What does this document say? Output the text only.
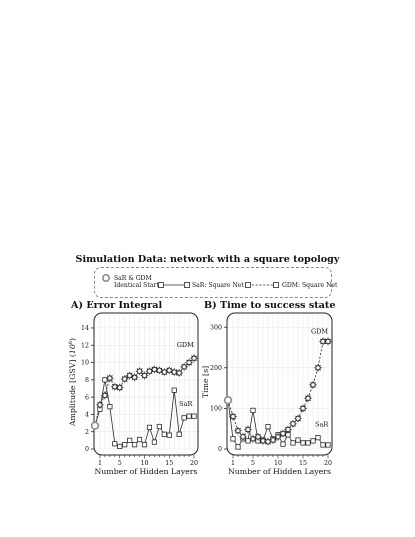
Simulation Data: network with a square topology
SaR & GDM
Identical Start	SaR: Square Net	GDM: Square Net
A) Error Integral	B) Time to success state
0
2
4
6
8
10
12
14
1	5	10	15	20
Number of Hidden Layers
Amplitude [GSV] $(10^6)$
GDM
SaR
0
100
200
300
1	5	10	15	20
Number of Hidden Layers
Time [s]
GDM
SaR
